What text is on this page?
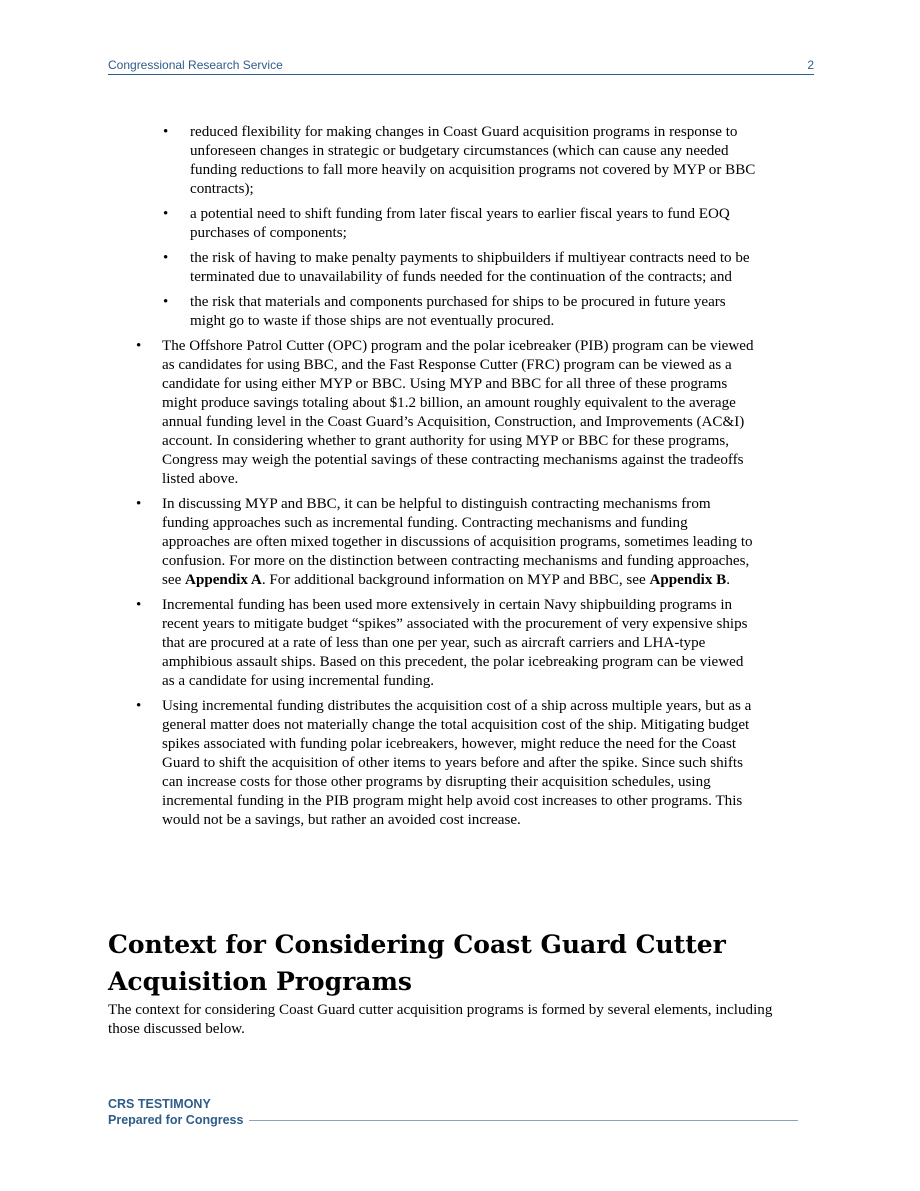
Congressional Research Service	2
• reduced flexibility for making changes in Coast Guard acquisition programs in response to unforeseen changes in strategic or budgetary circumstances (which can cause any needed funding reductions to fall more heavily on acquisition programs not covered by MYP or BBC contracts);
• a potential need to shift funding from later fiscal years to earlier fiscal years to fund EOQ purchases of components;
• the risk of having to make penalty payments to shipbuilders if multiyear contracts need to be terminated due to unavailability of funds needed for the continuation of the contracts; and
• the risk that materials and components purchased for ships to be procured in future years might go to waste if those ships are not eventually procured.
• The Offshore Patrol Cutter (OPC) program and the polar icebreaker (PIB) program can be viewed as candidates for using BBC, and the Fast Response Cutter (FRC) program can be viewed as a candidate for using either MYP or BBC. Using MYP and BBC for all three of these programs might produce savings totaling about $1.2 billion, an amount roughly equivalent to the average annual funding level in the Coast Guard’s Acquisition, Construction, and Improvements (AC&I) account. In considering whether to grant authority for using MYP or BBC for these programs, Congress may weigh the potential savings of these contracting mechanisms against the tradeoffs listed above.
• In discussing MYP and BBC, it can be helpful to distinguish contracting mechanisms from funding approaches such as incremental funding. Contracting mechanisms and funding approaches are often mixed together in discussions of acquisition programs, sometimes leading to confusion. For more on the distinction between contracting mechanisms and funding approaches, see Appendix A. For additional background information on MYP and BBC, see Appendix B.
• Incremental funding has been used more extensively in certain Navy shipbuilding programs in recent years to mitigate budget “spikes” associated with the procurement of very expensive ships that are procured at a rate of less than one per year, such as aircraft carriers and LHA-type amphibious assault ships. Based on this precedent, the polar icebreaking program can be viewed as a candidate for using incremental funding.
• Using incremental funding distributes the acquisition cost of a ship across multiple years, but as a general matter does not materially change the total acquisition cost of the ship. Mitigating budget spikes associated with funding polar icebreakers, however, might reduce the need for the Coast Guard to shift the acquisition of other items to years before and after the spike. Since such shifts can increase costs for those other programs by disrupting their acquisition schedules, using incremental funding in the PIB program might help avoid cost increases to other programs. This would not be a savings, but rather an avoided cost increase.
Context for Considering Coast Guard Cutter Acquisition Programs

The context for considering Coast Guard cutter acquisition programs is formed by several elements, including those discussed below.

CRS TESTIMONY
Prepared for Congress
